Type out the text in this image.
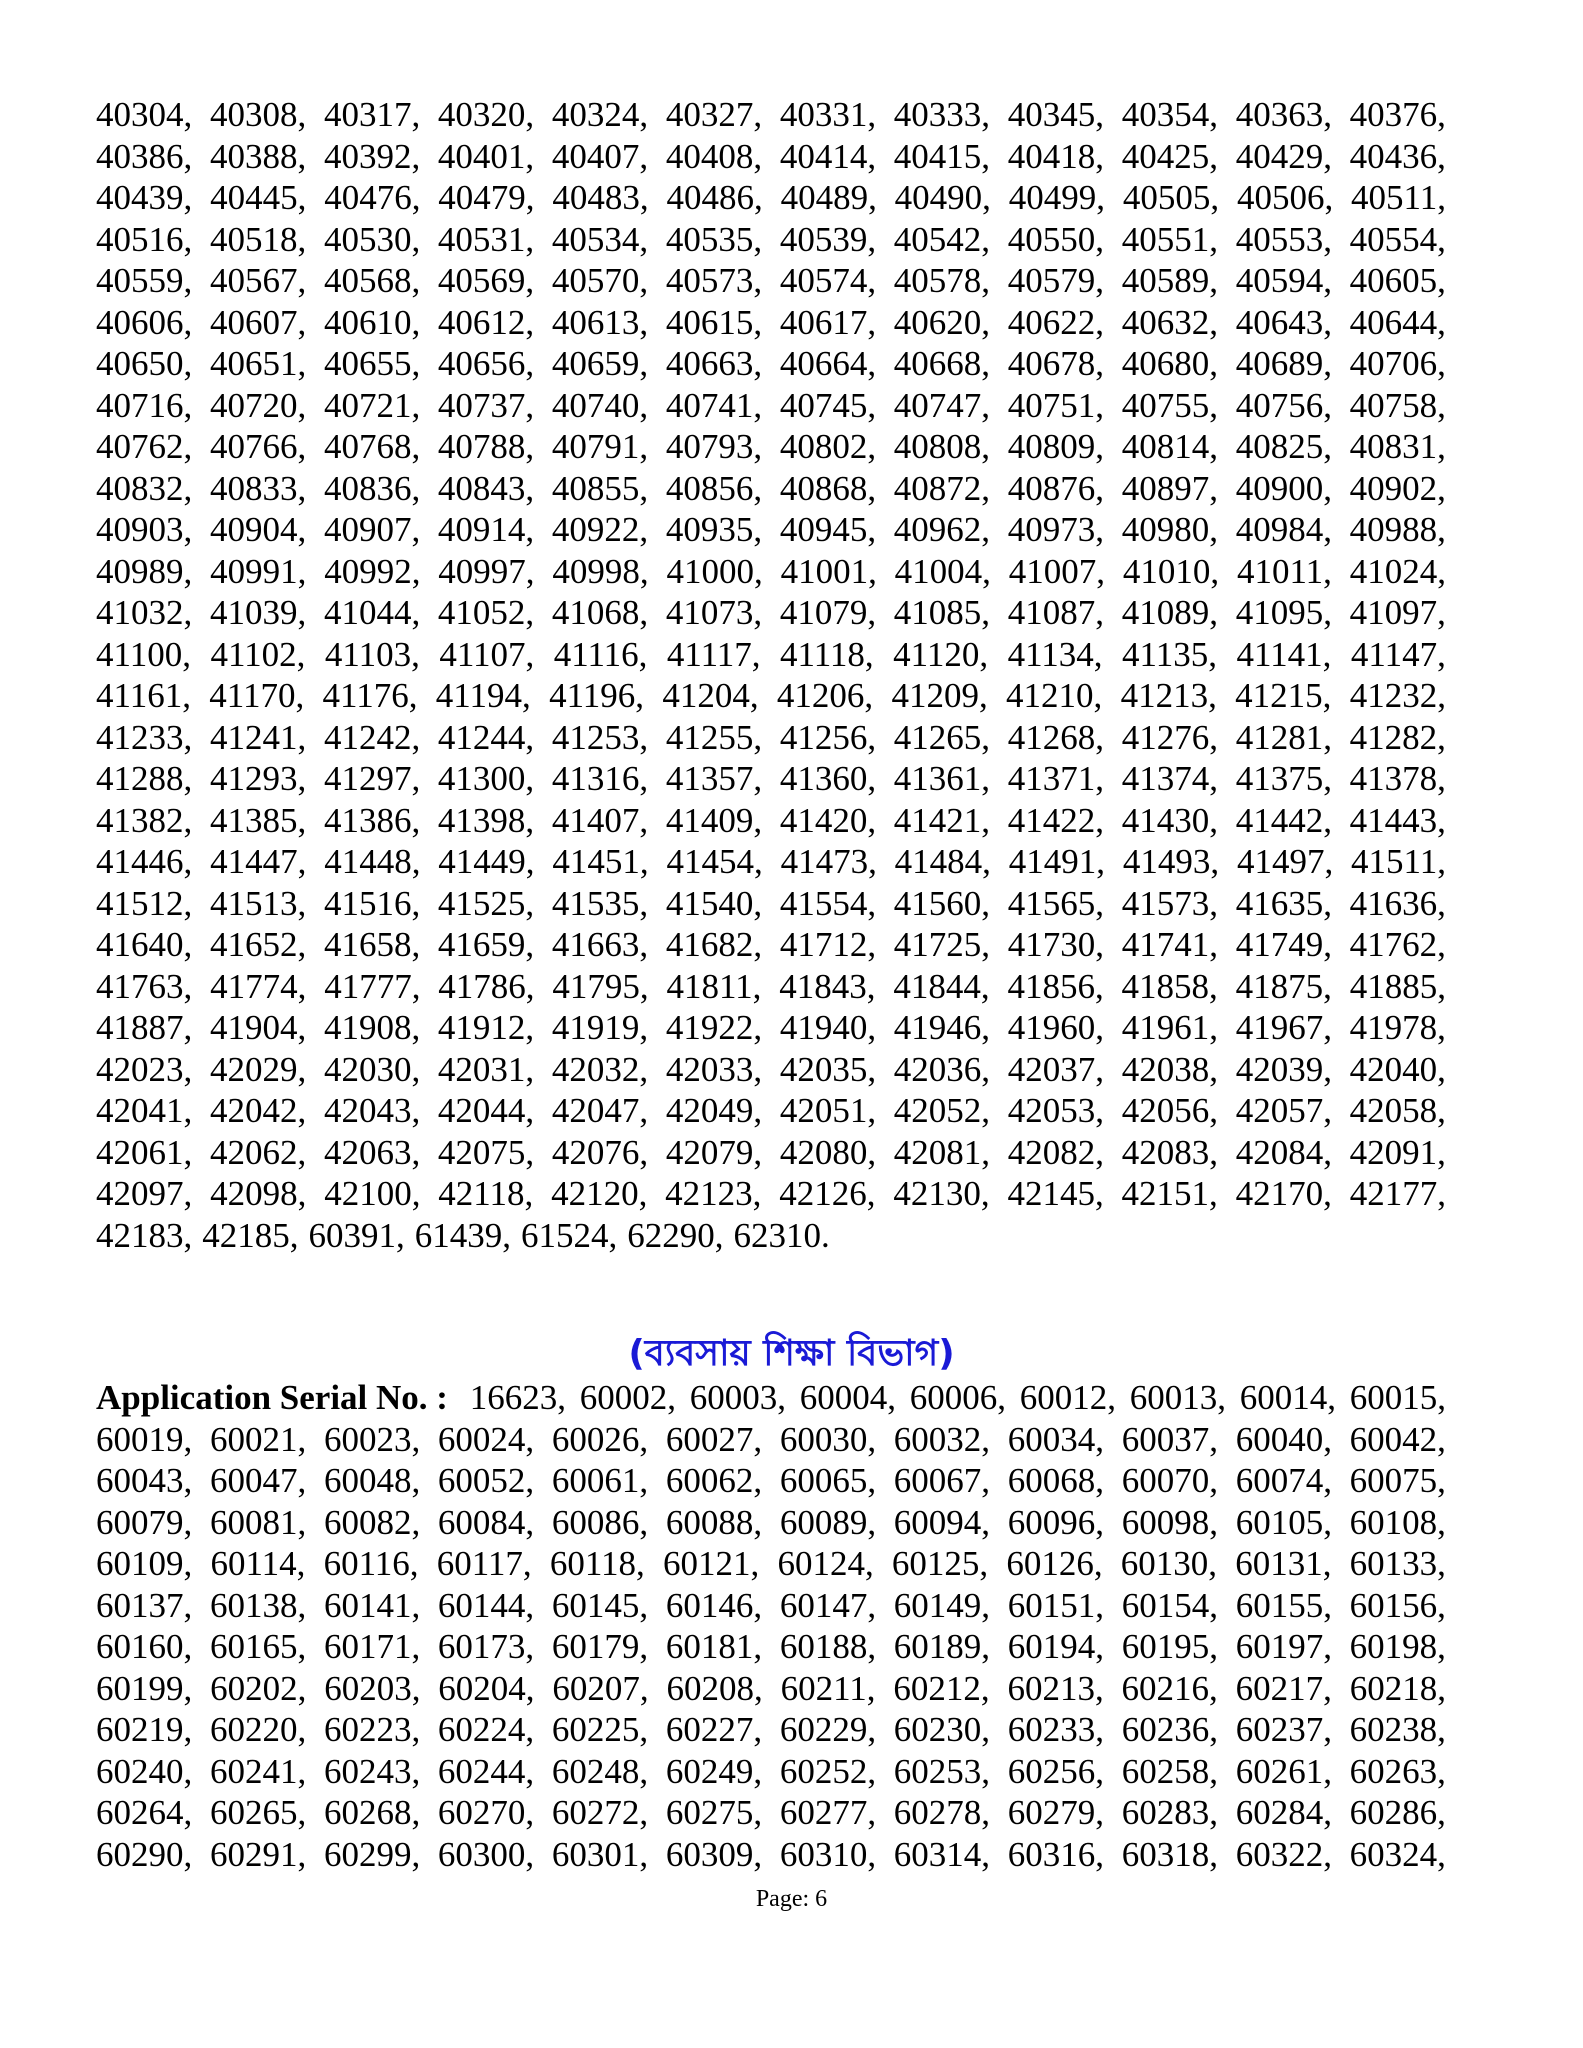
40304, 40308, 40317, 40320, 40324, 40327, 40331, 40333, 40345, 40354, 40363, 40376,
40386, 40388, 40392, 40401, 40407, 40408, 40414, 40415, 40418, 40425, 40429, 40436,
40439, 40445, 40476, 40479, 40483, 40486, 40489, 40490, 40499, 40505, 40506, 40511,
40516, 40518, 40530, 40531, 40534, 40535, 40539, 40542, 40550, 40551, 40553, 40554,
40559, 40567, 40568, 40569, 40570, 40573, 40574, 40578, 40579, 40589, 40594, 40605,
40606, 40607, 40610, 40612, 40613, 40615, 40617, 40620, 40622, 40632, 40643, 40644,
40650, 40651, 40655, 40656, 40659, 40663, 40664, 40668, 40678, 40680, 40689, 40706,
40716, 40720, 40721, 40737, 40740, 40741, 40745, 40747, 40751, 40755, 40756, 40758,
40762, 40766, 40768, 40788, 40791, 40793, 40802, 40808, 40809, 40814, 40825, 40831,
40832, 40833, 40836, 40843, 40855, 40856, 40868, 40872, 40876, 40897, 40900, 40902,
40903, 40904, 40907, 40914, 40922, 40935, 40945, 40962, 40973, 40980, 40984, 40988,
40989, 40991, 40992, 40997, 40998, 41000, 41001, 41004, 41007, 41010, 41011, 41024,
41032, 41039, 41044, 41052, 41068, 41073, 41079, 41085, 41087, 41089, 41095, 41097,
41100, 41102, 41103, 41107, 41116, 41117, 41118, 41120, 41134, 41135, 41141, 41147,
41161, 41170, 41176, 41194, 41196, 41204, 41206, 41209, 41210, 41213, 41215, 41232,
41233, 41241, 41242, 41244, 41253, 41255, 41256, 41265, 41268, 41276, 41281, 41282,
41288, 41293, 41297, 41300, 41316, 41357, 41360, 41361, 41371, 41374, 41375, 41378,
41382, 41385, 41386, 41398, 41407, 41409, 41420, 41421, 41422, 41430, 41442, 41443,
41446, 41447, 41448, 41449, 41451, 41454, 41473, 41484, 41491, 41493, 41497, 41511,
41512, 41513, 41516, 41525, 41535, 41540, 41554, 41560, 41565, 41573, 41635, 41636,
41640, 41652, 41658, 41659, 41663, 41682, 41712, 41725, 41730, 41741, 41749, 41762,
41763, 41774, 41777, 41786, 41795, 41811, 41843, 41844, 41856, 41858, 41875, 41885,
41887, 41904, 41908, 41912, 41919, 41922, 41940, 41946, 41960, 41961, 41967, 41978,
42023, 42029, 42030, 42031, 42032, 42033, 42035, 42036, 42037, 42038, 42039, 42040,
42041, 42042, 42043, 42044, 42047, 42049, 42051, 42052, 42053, 42056, 42057, 42058,
42061, 42062, 42063, 42075, 42076, 42079, 42080, 42081, 42082, 42083, 42084, 42091,
42097, 42098, 42100, 42118, 42120, 42123, 42126, 42130, 42145, 42151, 42170, 42177,
42183, 42185, 60391, 61439, 61524, 62290, 62310.
(ব্যবসায় শিক্ষা বিভাগ)
Application Serial No. : 16623, 60002, 60003, 60004, 60006, 60012, 60013, 60014, 60015,
60019, 60021, 60023, 60024, 60026, 60027, 60030, 60032, 60034, 60037, 60040, 60042,
60043, 60047, 60048, 60052, 60061, 60062, 60065, 60067, 60068, 60070, 60074, 60075,
60079, 60081, 60082, 60084, 60086, 60088, 60089, 60094, 60096, 60098, 60105, 60108,
60109, 60114, 60116, 60117, 60118, 60121, 60124, 60125, 60126, 60130, 60131, 60133,
60137, 60138, 60141, 60144, 60145, 60146, 60147, 60149, 60151, 60154, 60155, 60156,
60160, 60165, 60171, 60173, 60179, 60181, 60188, 60189, 60194, 60195, 60197, 60198,
60199, 60202, 60203, 60204, 60207, 60208, 60211, 60212, 60213, 60216, 60217, 60218,
60219, 60220, 60223, 60224, 60225, 60227, 60229, 60230, 60233, 60236, 60237, 60238,
60240, 60241, 60243, 60244, 60248, 60249, 60252, 60253, 60256, 60258, 60261, 60263,
60264, 60265, 60268, 60270, 60272, 60275, 60277, 60278, 60279, 60283, 60284, 60286,
60290, 60291, 60299, 60300, 60301, 60309, 60310, 60314, 60316, 60318, 60322, 60324,
Page: 6
